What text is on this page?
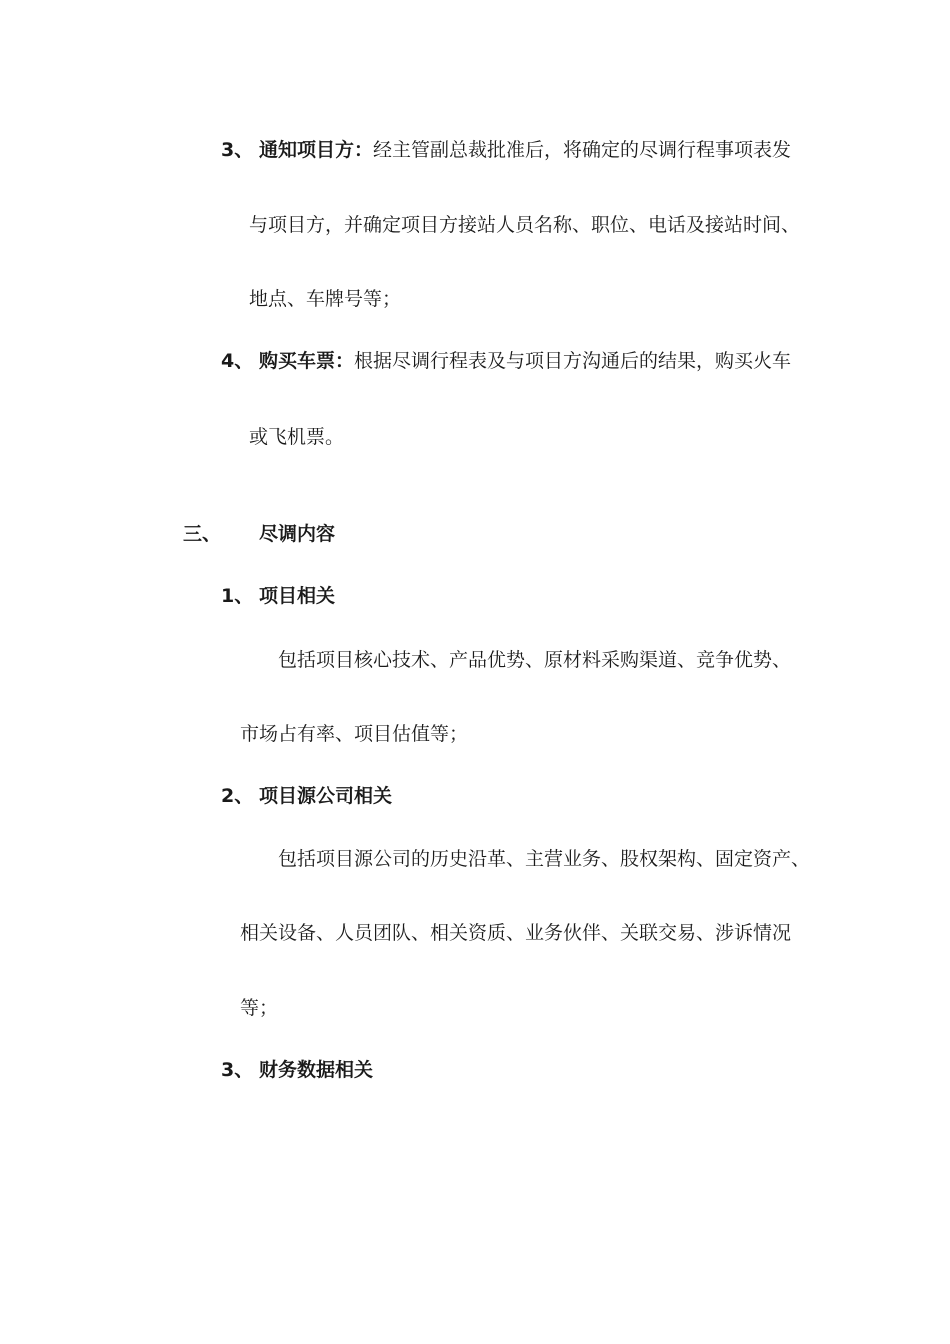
3、 通知项目方：经主管副总裁批准后，将确定的尽调行程事项表发
与项目方，并确定项目方接站人员名称、职位、电话及接站时间、
地点、车牌号等；
4、 购买车票：根据尽调行程表及与项目方沟通后的结果，购买火车
或飞机票。
三、 尽调内容
1、 项目相关
包括项目核心技术、产品优势、原材料采购渠道、竞争优势、
市场占有率、项目估值等；
2、 项目源公司相关
包括项目源公司的历史沿革、主营业务、股权架构、固定资产、
相关设备、人员团队、相关资质、业务伙伴、关联交易、涉诉情况
等；
3、 财务数据相关
